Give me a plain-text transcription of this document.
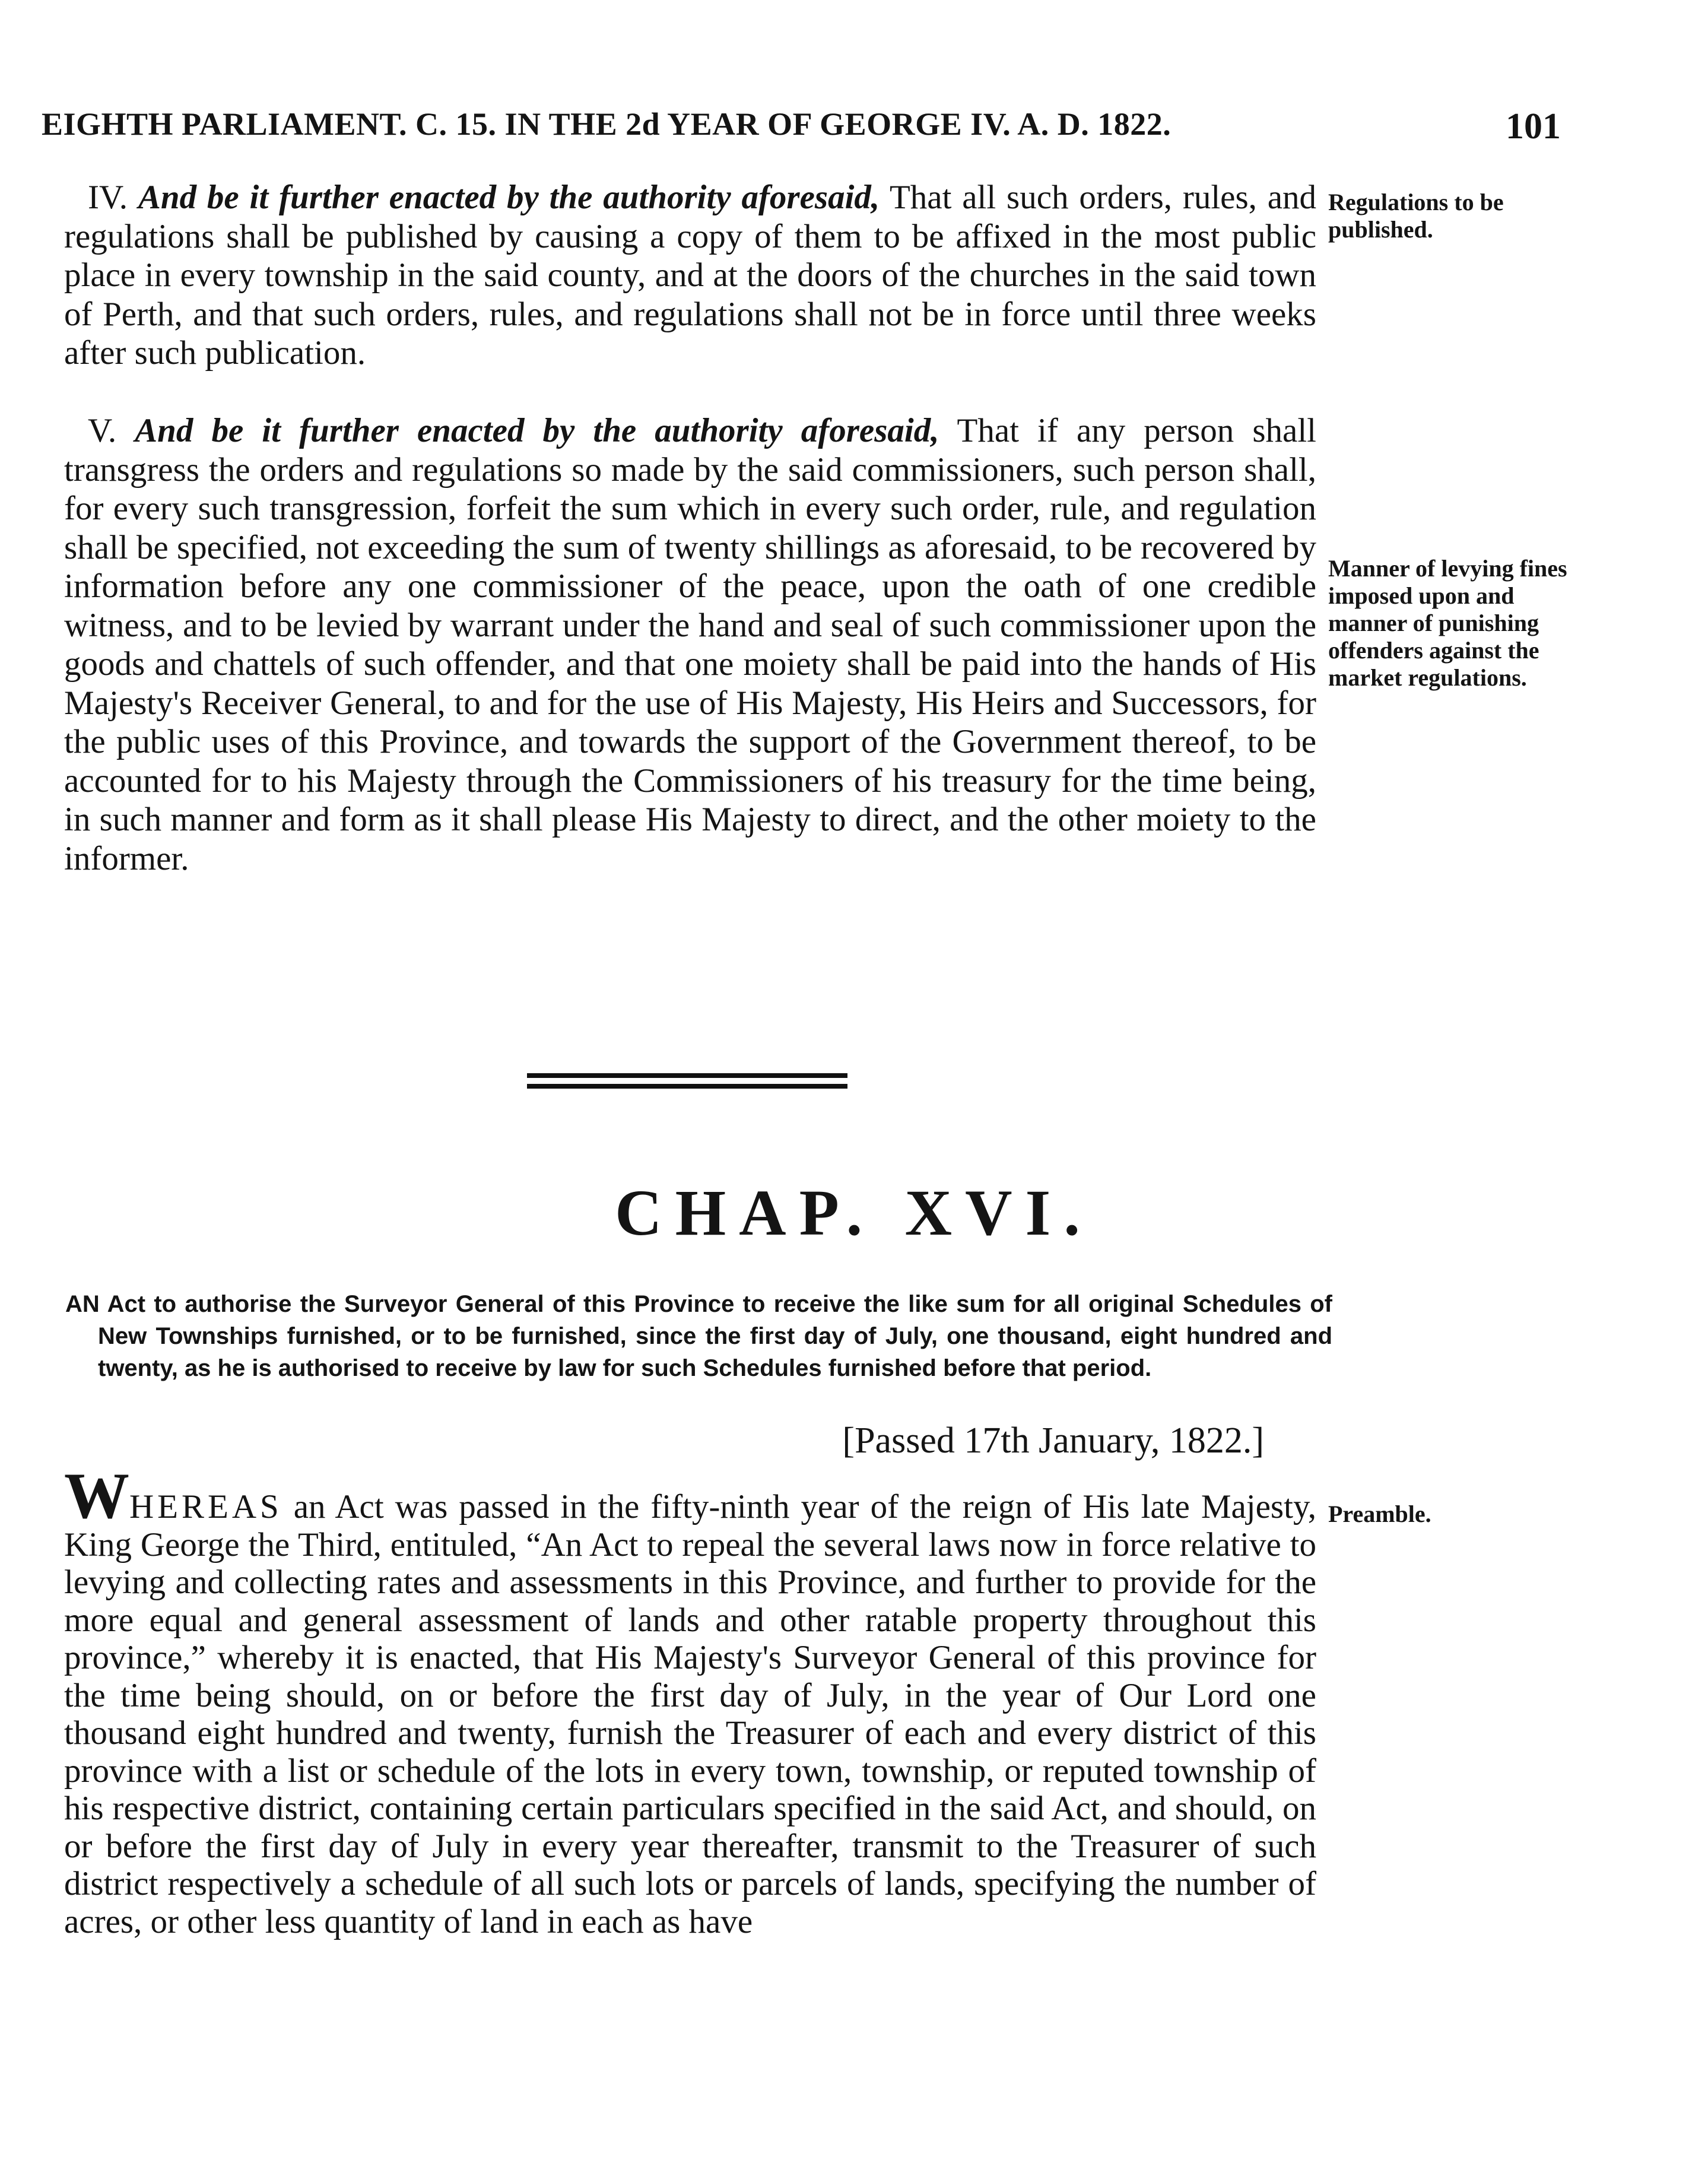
EIGHTH PARLIAMENT. C. 15. IN THE 2d YEAR OF GEORGE IV. A. D. 1822.	101

IV. And be it further enacted by the authority aforesaid, That all such orders, rules, and regulations shall be published by causing a copy of them to be affixed in the most public place in every township in the said county, and at the doors of the churches in the said town of Perth, and that such orders, rules, and regulations shall not be in force until three weeks after such publication.

V. And be it further enacted by the authority aforesaid, That if any person shall transgress the orders and regulations so made by the said commissioners, such person shall, for every such transgression, forfeit the sum which in every such order, rule, and regulation shall be specified, not exceeding the sum of twenty shillings as aforesaid, to be recovered by information before any one commissioner of the peace, upon the oath of one credible witness, and to be levied by warrant under the hand and seal of such commissioner upon the goods and chattels of such offender, and that one moiety shall be paid into the hands of His Majesty's Receiver General, to and for the use of His Majesty, His Heirs and Successors, for the public uses of this Province, and towards the support of the Government thereof, to be accounted for to his Majesty through the Commissioners of his treasury for the time being, in such manner and form as it shall please His Majesty to direct, and the other moiety to the informer.

Regulations to be published.

Manner of levying fines imposed upon and manner of punishing offenders against the market regulations.

Preamble.

CHAP. XVI.

AN Act to authorise the Surveyor General of this Province to receive the like sum for all original Schedules of New Townships furnished, or to be furnished, since the first day of July, one thousand, eight hundred and twenty, as he is authorised to receive by law for such Schedules furnished before that period.

[Passed 17th January, 1822.]

WHEREAS an Act was passed in the fifty-ninth year of the reign of His late Majesty, King George the Third, entituled, “An Act to repeal the several laws now in force relative to levying and collecting rates and assessments in this Province, and further to provide for the more equal and general assessment of lands and other ratable property throughout this province,” whereby it is enacted, that His Majesty's Surveyor General of this province for the time being should, on or before the first day of July, in the year of Our Lord one thousand eight hundred and twenty, furnish the Treasurer of each and every district of this province with a list or schedule of the lots in every town, township, or reputed township of his respective district, containing certain particulars specified in the said Act, and should, on or before the first day of July in every year thereafter, transmit to the Treasurer of such district respectively a schedule of all such lots or parcels of lands, specifying the number of acres, or other less quantity of land in each as have
